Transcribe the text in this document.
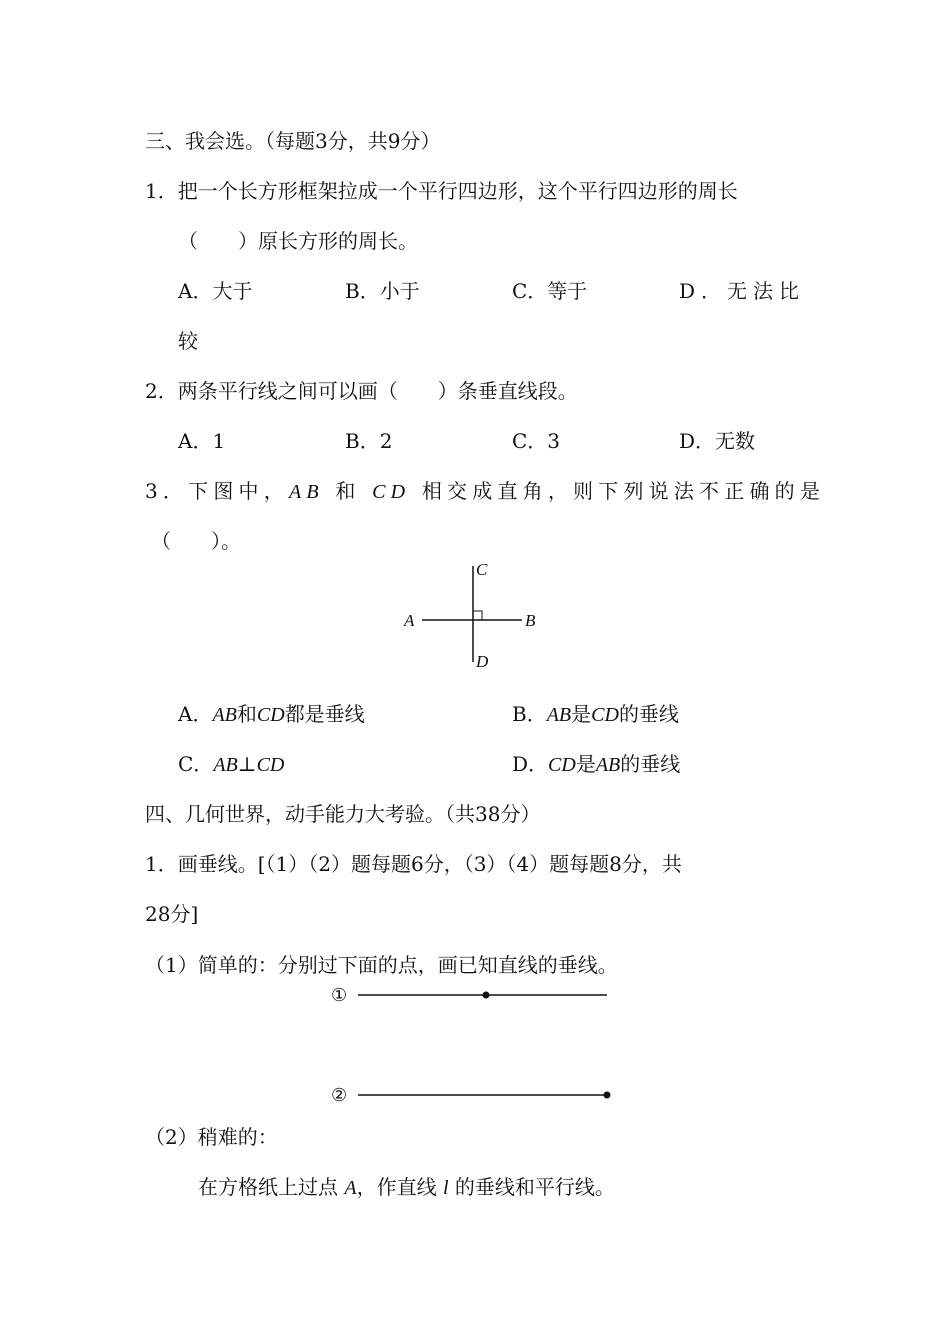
三、我会选。（每题3分，共9分）
1．把一个长方形框架拉成一个平行四边形，这个平行四边形的周长
（　　）原长方形的周长。
A．大于	B．小于	C．等于	D．无法比
较
2．两条平行线之间可以画（　　）条垂直线段。
A．1	B．2	C．3	D．无数
3．下图中，AB 和 CD 相交成直角，则下列说法不正确的是
（　　）。
C
A	B
D
A．AB和CD都是垂线	B．AB是CD的垂线
C．AB⊥CD	D．CD是AB的垂线
四、几何世界，动手能力大考验。（共38分）
1．画垂线。[（1）（2）题每题6分，（3）（4）题每题8分，共
28分]
（1）简单的：分别过下面的点，画已知直线的垂线。
①
②
（2）稍难的：
在方格纸上过点 A，作直线 l 的垂线和平行线。
